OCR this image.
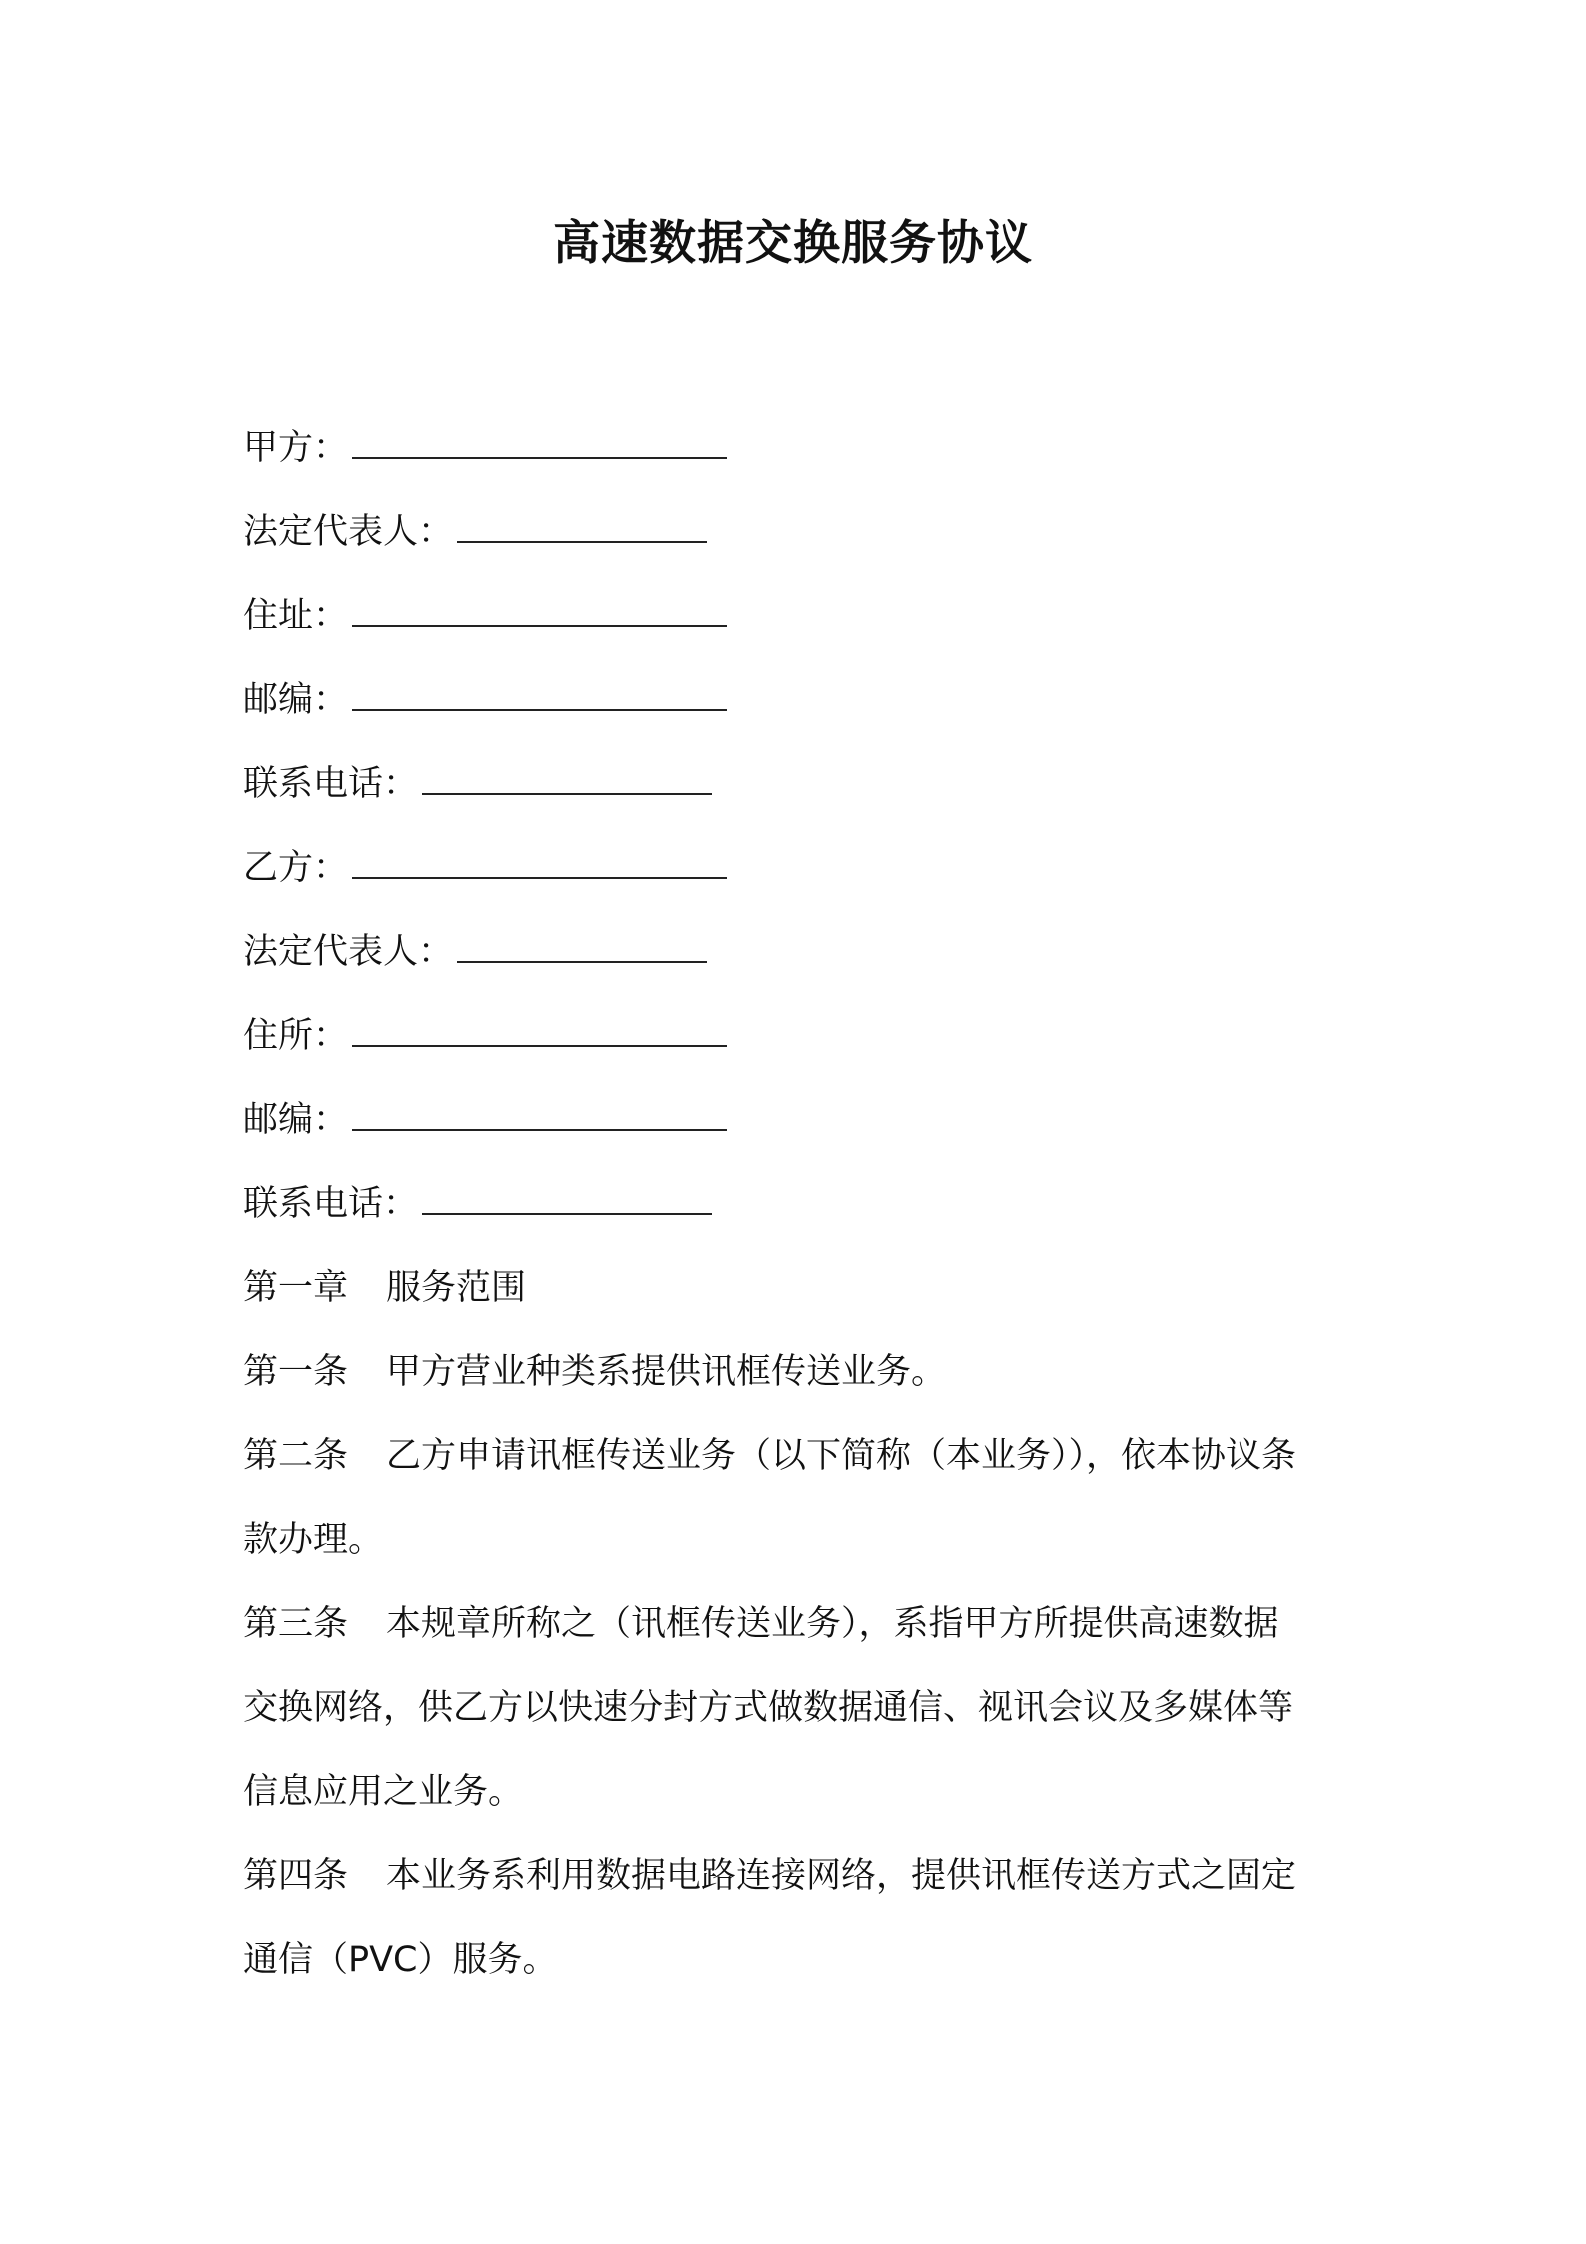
高速数据交换服务协议
甲方：
法定代表人：
住址：
邮编：
联系电话：
乙方：
法定代表人：
住所：
邮编：
联系电话：
第一章 服务范围
第一条 甲方营业种类系提供讯框传送业务。
第二条 乙方申请讯框传送业务（以下简称（本业务）），依本协议条
款办理。
第三条 本规章所称之（讯框传送业务），系指甲方所提供高速数据
交换网络，供乙方以快速分封方式做数据通信、视讯会议及多媒体等
信息应用之业务。
第四条 本业务系利用数据电路连接网络，提供讯框传送方式之固定
通信（PVC）服务。
